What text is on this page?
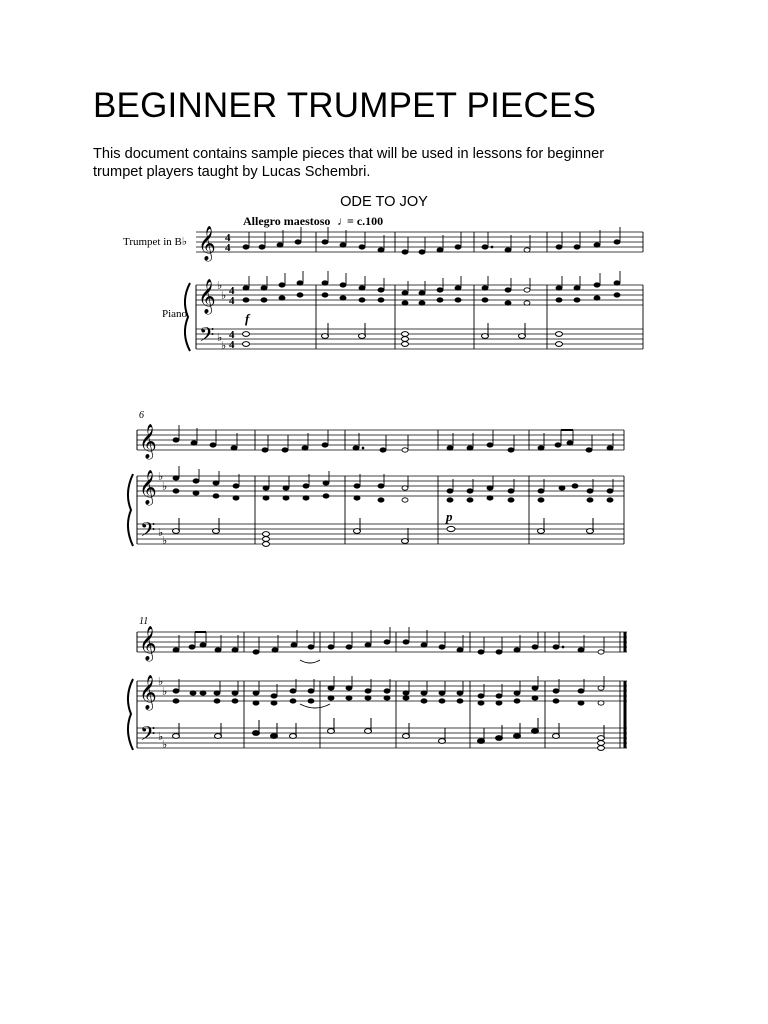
BEGINNER TRUMPET PIECES

This document contains sample pieces that will be used in lessons for beginner trumpet players taught by Lucas Schembri.

ODE TO JOY

Allegro maestoso ♩
= c.100
Trumpet in B♭
Piano
𝄞
𝄞
𝄢
♭
♭
♭
♭
4
4
4
4
4
4
f
6
𝄞
𝄞
𝄢
♭
♭
♭
♭
p
11
𝄞
𝄞
𝄢
♭
♭
♭
♭
